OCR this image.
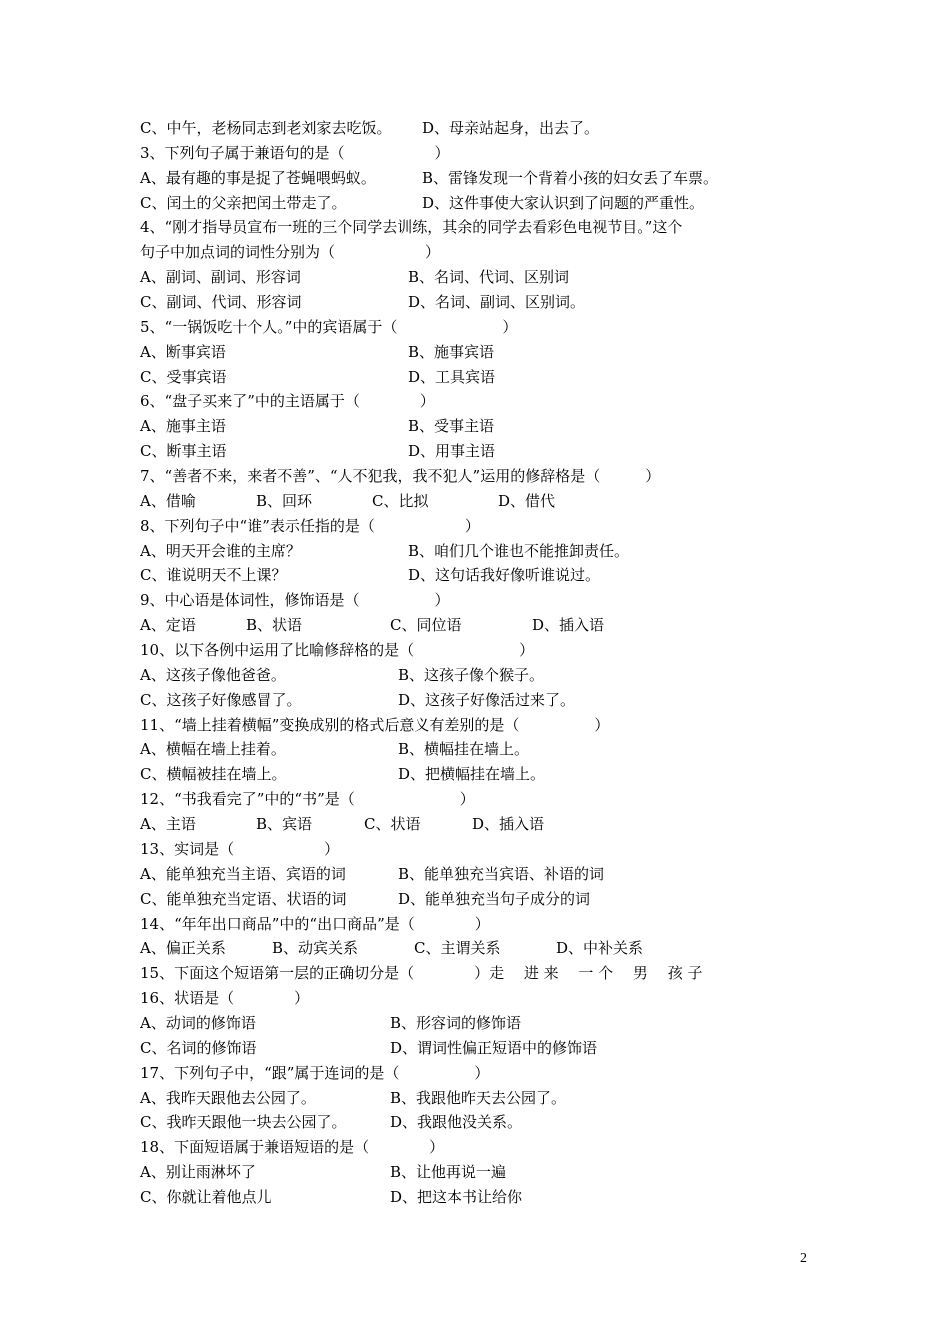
C、中午，老杨同志到老刘家去吃饭。 D、母亲站起身，出去了。
3、下列句子属于兼语句的是（　　　　　　）
A、最有趣的事是捉了苍蝇喂蚂蚁。	B、雷锋发现一个背着小孩的妇女丢了车票。
C、闰土的父亲把闰土带走了。	D、这件事使大家认识到了问题的严重性。
4、“刚才指导员宣布一班的三个同学去训练，其余的同学去看彩色电视节目。”这个
句子中加点词的词性分别为（　　　　　　）
A、副词、副词、形容词	B、名词、代词、区别词
C、副词、代词、形容词	D、名词、副词、区别词。
5、“一锅饭吃十个人。”中的宾语属于（　　　　　　　）
A、断事宾语	B、施事宾语
C、受事宾语	D、工具宾语
6、“盘子买来了”中的主语属于（　　　　）
A、施事主语	B、受事主语
C、断事主语	D、用事主语
7、“善者不来，来者不善”、“人不犯我，我不犯人”运用的修辞格是（　　　）
A、借喻	B、回环	C、比拟	D、借代
8、下列句子中“谁”表示任指的是（　　　　　　）
A、明天开会谁的主席？	B、咱们几个谁也不能推卸责任。
C、谁说明天不上课？	D、这句话我好像听谁说过。
9、中心语是体词性，修饰语是（　　　　　）
A、定语	B、状语	C、同位语	D、插入语
10、以下各例中运用了比喻修辞格的是（　　　　　　　）
A、这孩子像他爸爸。	B、这孩子像个猴子。
C、这孩子好像感冒了。	D、这孩子好像活过来了。
11、“墙上挂着横幅”变换成别的格式后意义有差别的是（　　　　　）
A、横幅在墙上挂着。	B、横幅挂在墙上。
C、横幅被挂在墙上。	D、把横幅挂在墙上。
12、“书我看完了”中的“书”是（　　　　　　　）
A、主语	B、宾语	C、状语	D、插入语
13、实词是（　　　　　　）
A、能单独充当主语、宾语的词	B、能单独充当宾语、补语的词
C、能单独充当定语、状语的词	D、能单独充当句子成分的词
14、“年年出口商品”中的“出口商品”是（　　　　）
A、偏正关系	B、动宾关系	C、主谓关系	D、中补关系
15、下面这个短语第一层的正确切分是（　　　　）走　 进 来　 一 个　 男　 孩 子
16、状语是（　　　　）
A、动词的修饰语	B、形容词的修饰语
C、名词的修饰语	D、谓词性偏正短语中的修饰语
17、下列句子中，“跟”属于连词的是（　　　　　）
A、我昨天跟他去公园了。	B、我跟他昨天去公园了。
C、我昨天跟他一块去公园了。	D、我跟他没关系。
18、下面短语属于兼语短语的是（　　　　）
A、别让雨淋坏了	B、让他再说一遍
C、你就让着他点儿	D、把这本书让给你
2
